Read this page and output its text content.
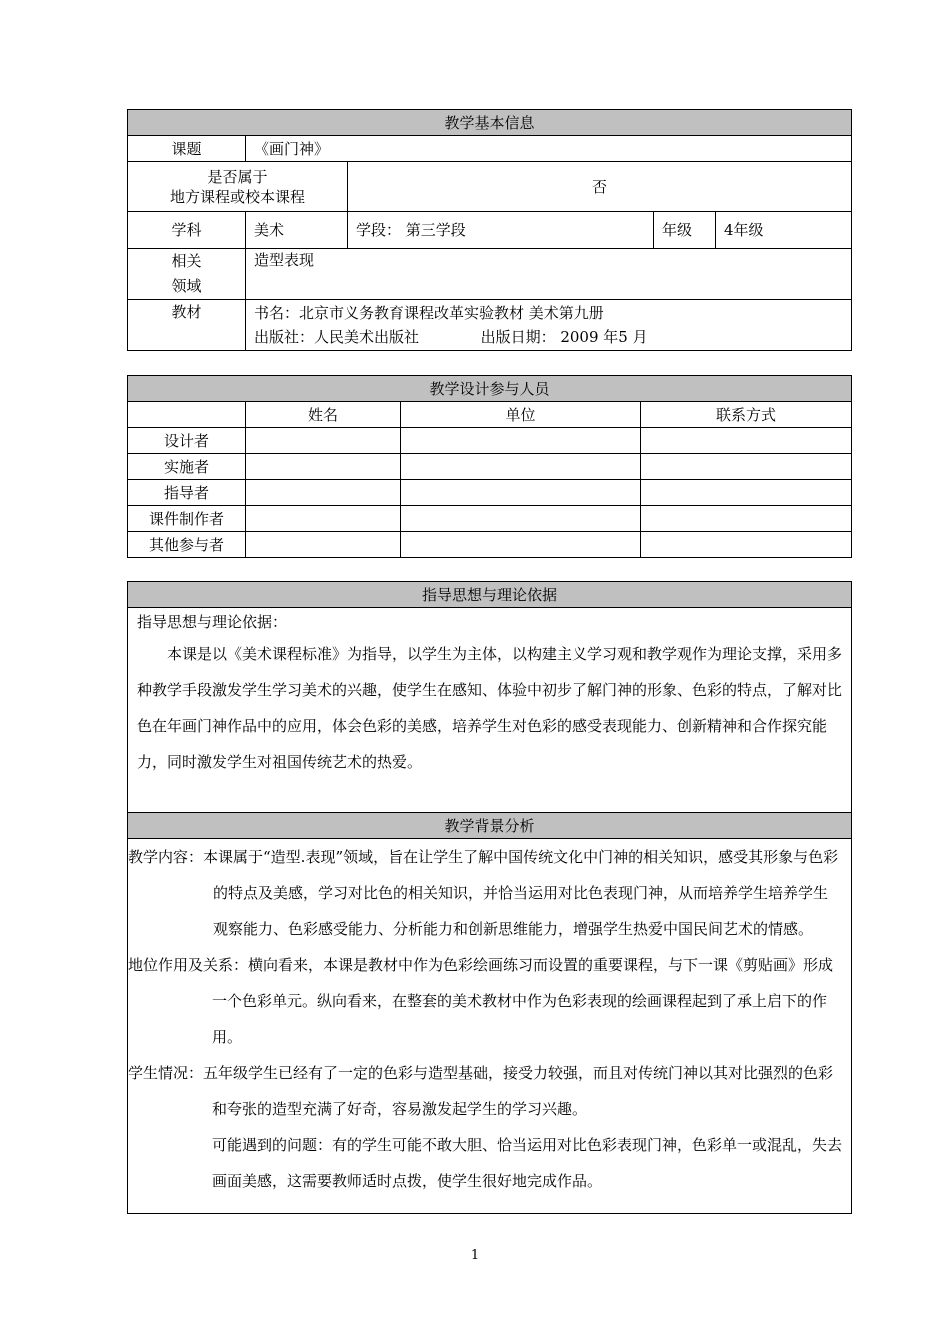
教学基本信息				
课题	《画门神》			

是否属于
地方课程或校本课程		否		
学科	美术	学段： 第三学段	年级	4年级

相关
领域	造型表现			
教材	书名：北京市义务教育课程改革实验教材 美术第九册
出版社：人民美术出版社 出版日期： 2009 年5 月			
教学设计参与人员			
	姓名	单位	联系方式
设计者			
实施者			
指导者			
课件制作者			
其他参与者			
指导思想与理论依据

指导思想与理论依据：
本课是以《美术课程标准》为指导，以学生为主体，以构建主义学习观和教学观作为理论支撑，采用多种教学手段激发学生学习美术的兴趣，使学生在感知、体验中初步了解门神的形象、色彩的特点，了解对比色在年画门神作品中的应用，体会色彩的美感，培养学生对色彩的感受表现能力、创新精神和合作探究能力，同时激发学生对祖国传统艺术的热爱。

教学背景分析

教学内容：本课属于“造型.表现”领域，旨在让学生了解中国传统文化中门神的相关知识，感受其形象与色彩的特点及美感，学习对比色的相关知识，并恰当运用对比色表现门神，从而培养学生培养学生观察能力、色彩感受能力、分析能力和创新思维能力，增强学生热爱中国民间艺术的情感。
地位作用及关系：横向看来，本课是教材中作为色彩绘画练习而设置的重要课程，与下一课《剪贴画》形成一个色彩单元。纵向看来，在整套的美术教材中作为色彩表现的绘画课程起到了承上启下的作用。
学生情况：五年级学生已经有了一定的色彩与造型基础，接受力较强，而且对传统门神以其对比强烈的色彩和夸张的造型充满了好奇，容易激发起学生的学习兴趣。
可能遇到的问题：有的学生可能不敢大胆、恰当运用对比色彩表现门神，色彩单一或混乱，失去画面美感，这需要教师适时点拨，使学生很好地完成作品。
1
